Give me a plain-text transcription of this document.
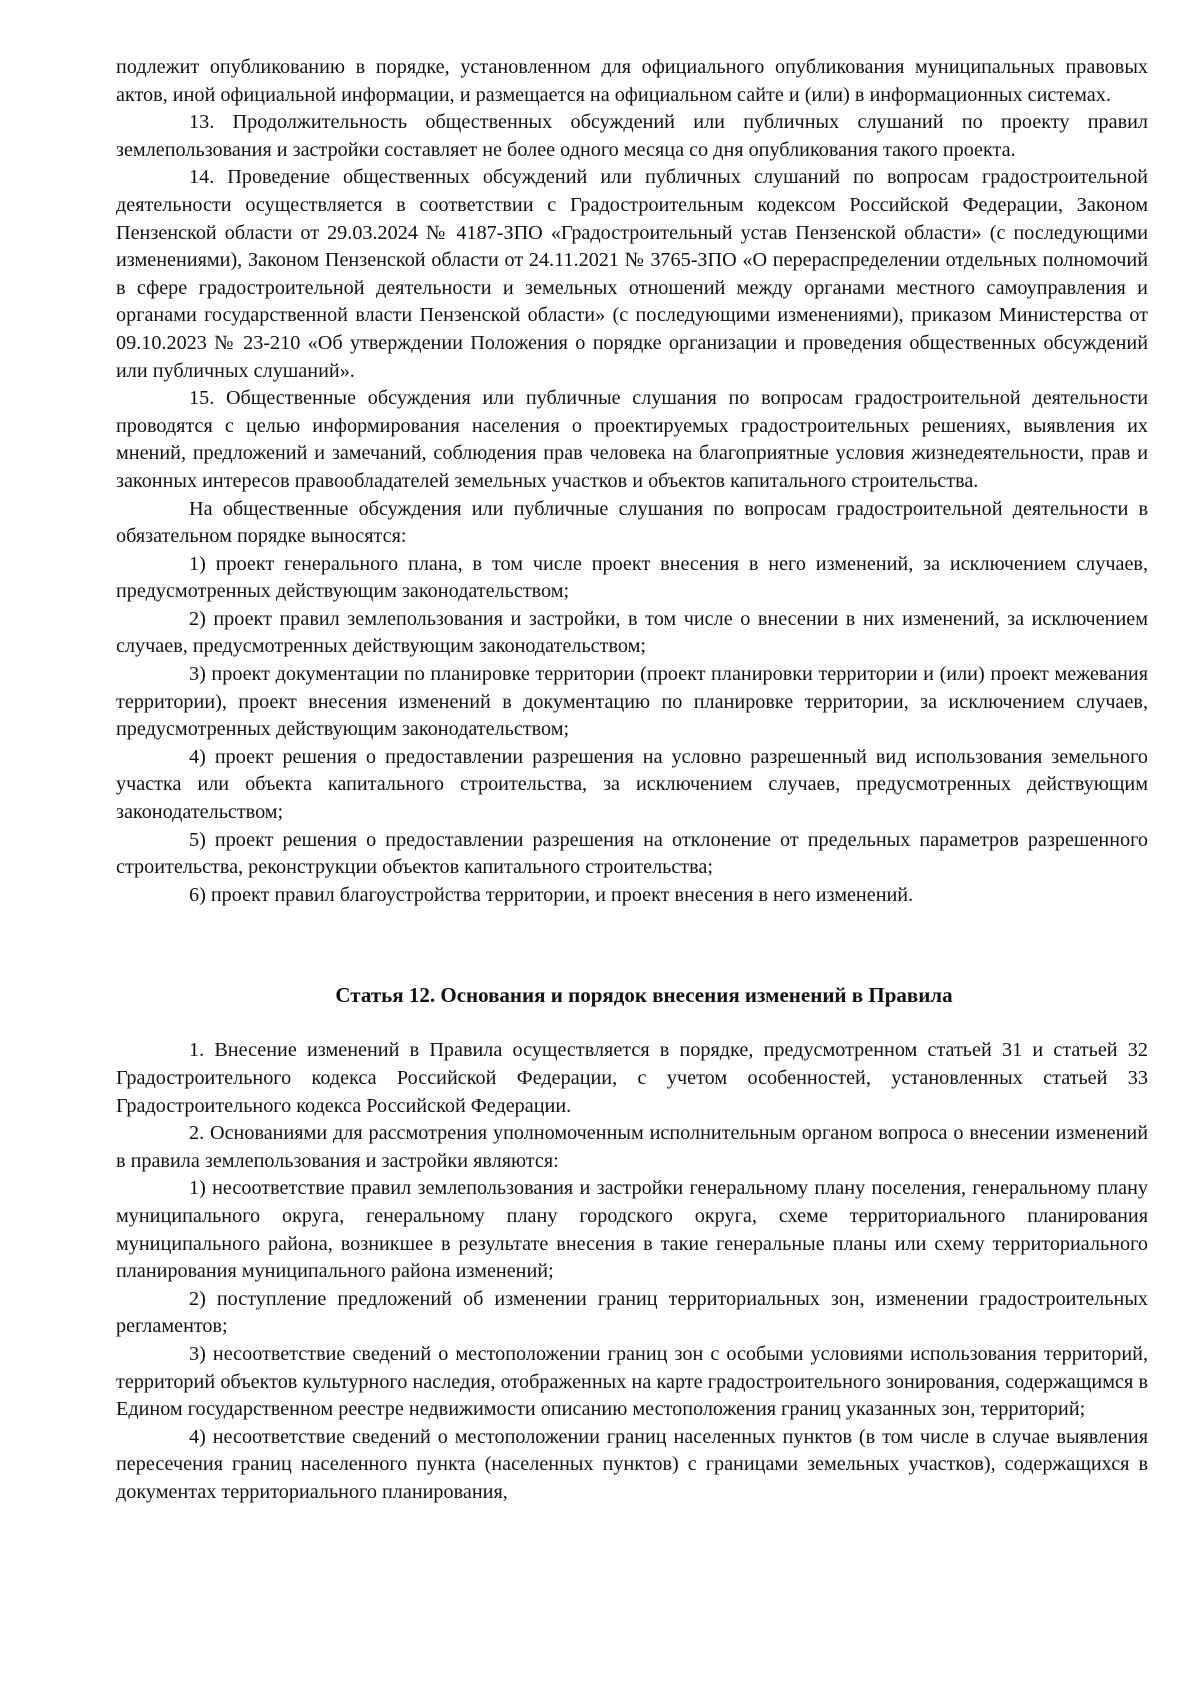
подлежит опубликованию в порядке, установленном для официального опубликования муниципальных правовых актов, иной официальной информации, и размещается на официальном сайте и (или) в информационных системах.

13. Продолжительность общественных обсуждений или публичных слушаний по проекту правил землепользования и застройки составляет не более одного месяца со дня опубликования такого проекта.

14. Проведение общественных обсуждений или публичных слушаний по вопросам градостроительной деятельности осуществляется в соответствии с Градостроительным кодексом Российской Федерации, Законом Пензенской области от 29.03.2024 № 4187-ЗПО «Градостроительный устав Пензенской области» (с последующими изменениями), Законом Пензенской области от 24.11.2021 № 3765-ЗПО «О перераспределении отдельных полномочий в сфере градостроительной деятельности и земельных отношений между органами местного самоуправления и органами государственной власти Пензенской области» (с последующими изменениями), приказом Министерства от 09.10.2023 № 23-210 «Об утверждении Положения о порядке организации и проведения общественных обсуждений или публичных слушаний».

15. Общественные обсуждения или публичные слушания по вопросам градостроительной деятельности проводятся с целью информирования населения о проектируемых градостроительных решениях, выявления их мнений, предложений и замечаний, соблюдения прав человека на благоприятные условия жизнедеятельности, прав и законных интересов правообладателей земельных участков и объектов капитального строительства.

На общественные обсуждения или публичные слушания по вопросам градостроительной деятельности в обязательном порядке выносятся:

1) проект генерального плана, в том числе проект внесения в него изменений, за исключением случаев, предусмотренных действующим законодательством;

2) проект правил землепользования и застройки, в том числе о внесении в них изменений, за исключением случаев, предусмотренных действующим законодательством;

3) проект документации по планировке территории (проект планировки территории и (или) проект межевания территории), проект внесения изменений в документацию по планировке территории, за исключением случаев, предусмотренных действующим законодательством;

4) проект решения о предоставлении разрешения на условно разрешенный вид использования земельного участка или объекта капитального строительства, за исключением случаев, предусмотренных действующим законодательством;

5) проект решения о предоставлении разрешения на отклонение от предельных параметров разрешенного строительства, реконструкции объектов капитального строительства;

6) проект правил благоустройства территории, и проект внесения в него изменений.

Статья 12. Основания и порядок внесения изменений в Правила

1. Внесение изменений в Правила осуществляется в порядке, предусмотренном статьей 31 и статьей 32 Градостроительного кодекса Российской Федерации, с учетом особенностей, установленных статьей 33 Градостроительного кодекса Российской Федерации.

2. Основаниями для рассмотрения уполномоченным исполнительным органом вопроса о внесении изменений в правила землепользования и застройки являются:

1) несоответствие правил землепользования и застройки генеральному плану поселения, генеральному плану муниципального округа, генеральному плану городского округа, схеме территориального планирования муниципального района, возникшее в результате внесения в такие генеральные планы или схему территориального планирования муниципального района изменений;

2) поступление предложений об изменении границ территориальных зон, изменении градостроительных регламентов;

3) несоответствие сведений о местоположении границ зон с особыми условиями использования территорий, территорий объектов культурного наследия, отображенных на карте градостроительного зонирования, содержащимся в Едином государственном реестре недвижимости описанию местоположения границ указанных зон, территорий;

4) несоответствие сведений о местоположении границ населенных пунктов (в том числе в случае выявления пересечения границ населенного пункта (населенных пунктов) с границами земельных участков), содержащихся в документах территориального планирования,
